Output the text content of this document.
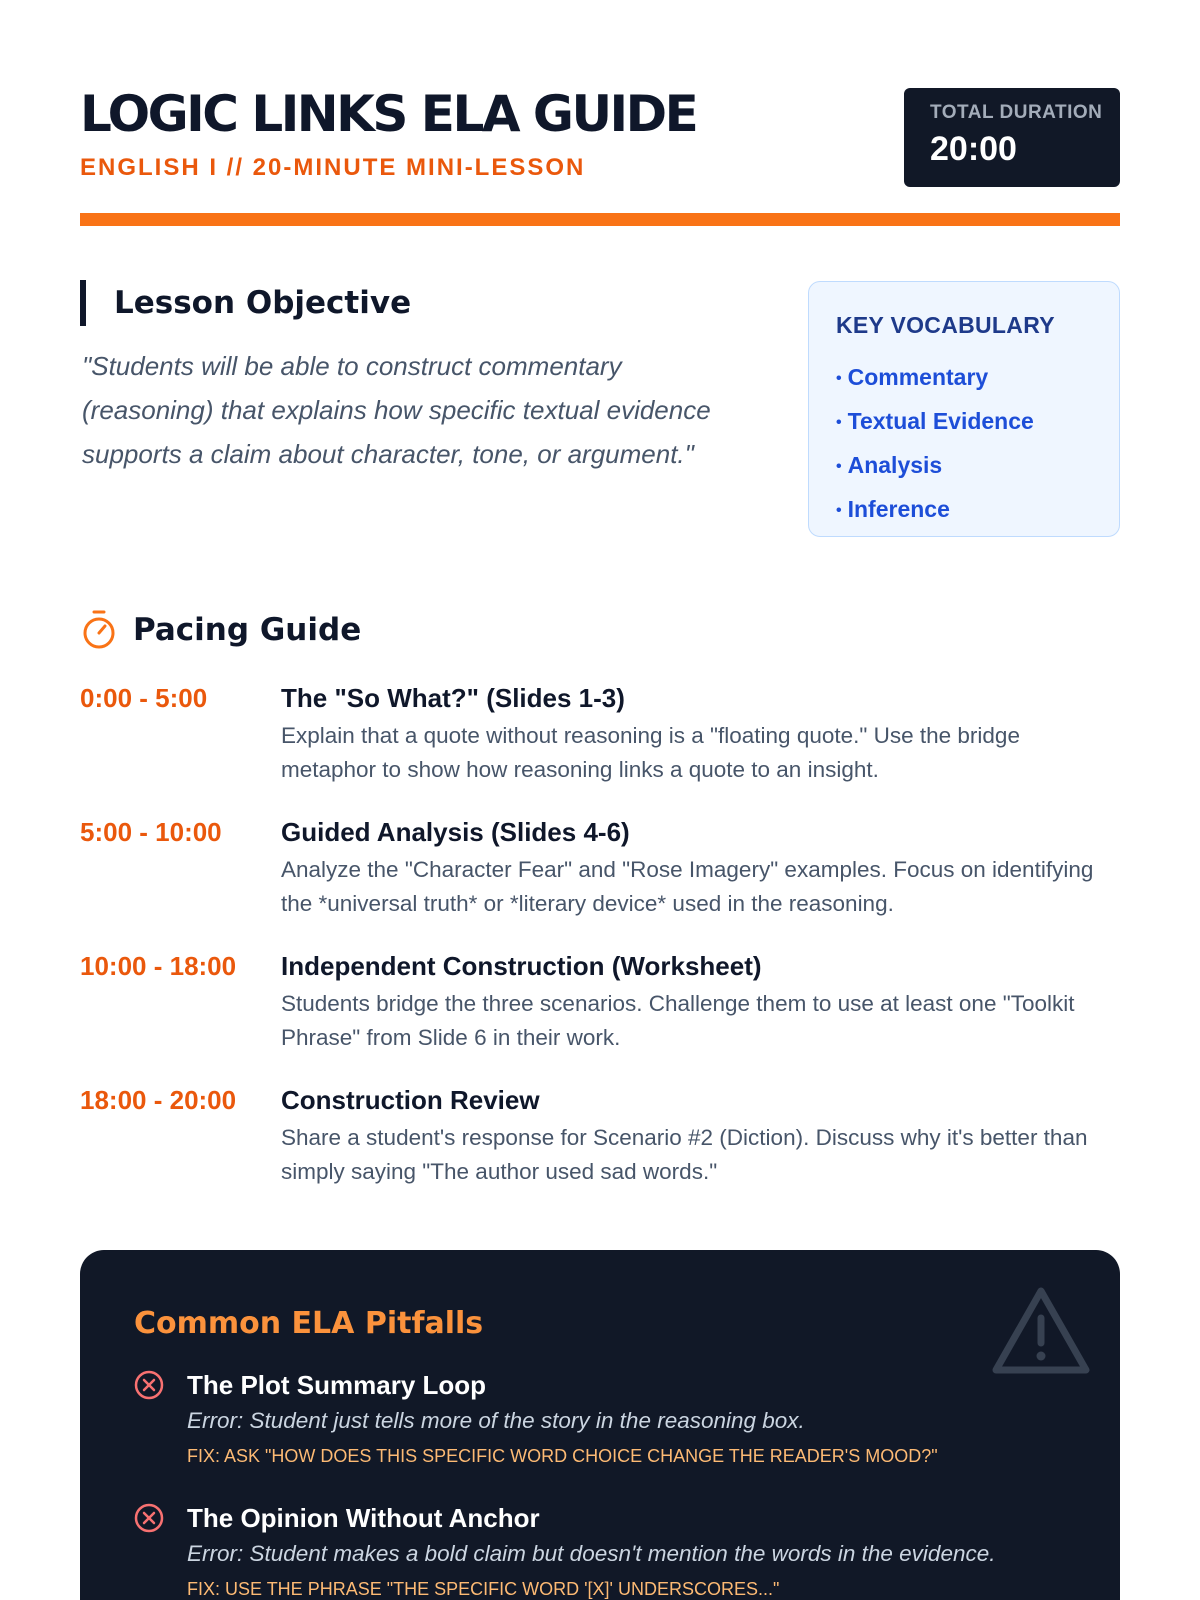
LOGIC LINKS ELA GUIDE
ENGLISH I // 20-MINUTE MINI-LESSON
TOTAL DURATION
20:00
Lesson Objective

"Students will be able to construct commentary (reasoning) that explains how specific textual evidence supports a claim about character, tone, or argument."

KEY VOCABULARY
• Commentary
• Textual Evidence
• Analysis
• Inference
Pacing Guide
0:00 - 5:00	The "So What?" (Slides 1-3)
Explain that a quote without reasoning is a "floating quote." Use the bridge metaphor to show how reasoning links a quote to an insight.
5:00 - 10:00	Guided Analysis (Slides 4-6)
Analyze the "Character Fear" and "Rose Imagery" examples. Focus on identifying the *universal truth* or *literary device* used in the reasoning.
10:00 - 18:00 Independent Construction (Worksheet)
Students bridge the three scenarios. Challenge them to use at least one "Toolkit Phrase" from Slide 6 in their work.
18:00 - 20:00 Construction Review
Share a student's response for Scenario #2 (Diction). Discuss why it's better than simply saying "The author used sad words."
Common ELA Pitfalls
The Plot Summary Loop
Error: Student just tells more of the story in the reasoning box.
FIX: ASK "HOW DOES THIS SPECIFIC WORD CHOICE CHANGE THE READER'S MOOD?"
The Opinion Without Anchor
Error: Student makes a bold claim but doesn't mention the words in the evidence.
FIX: USE THE PHRASE "THE SPECIFIC WORD '[X]' UNDERSCORES..."
